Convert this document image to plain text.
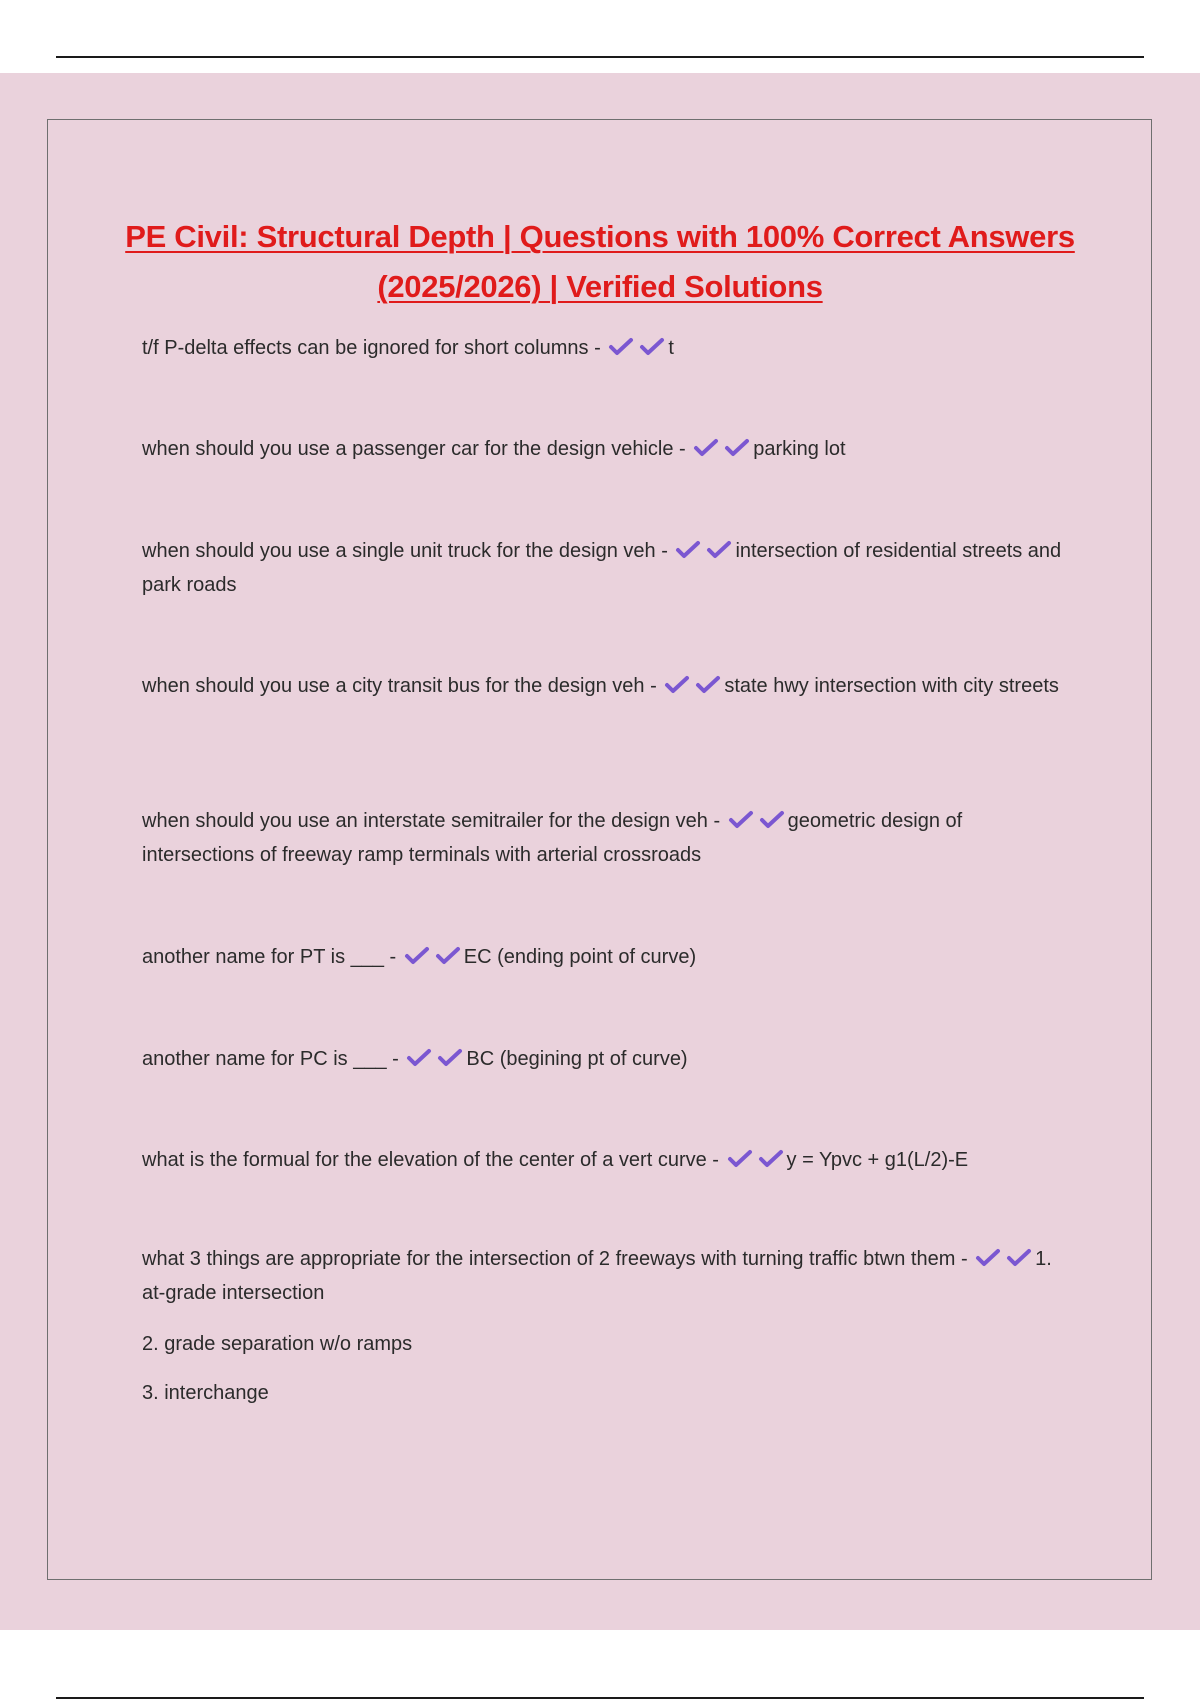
PE Civil: Structural Depth | Questions with 100% Correct Answers (2025/2026) | Verified Solutions
t/f P-delta effects can be ignored for short columns -	t
when should you use a passenger car for the design vehicle -	parking lot
when should you use a single unit truck for the design veh -	intersection of residential streets and park roads
when should you use a city transit bus for the design veh -	state hwy intersection with city streets
when should you use an interstate semitrailer for the design veh -	geometric design of intersections of freeway ramp terminals with arterial crossroads
another name for PT is ___ -	EC (ending point of curve)
another name for PC is ___ -	BC (begining pt of curve)
what is the formual for the elevation of the center of a vert curve -	y = Ypvc + g1(L/2)-E
what 3 things are appropriate for the intersection of 2 freeways with turning traffic btwn them -	1. at-grade intersection
2. grade separation w/o ramps
3. interchange
